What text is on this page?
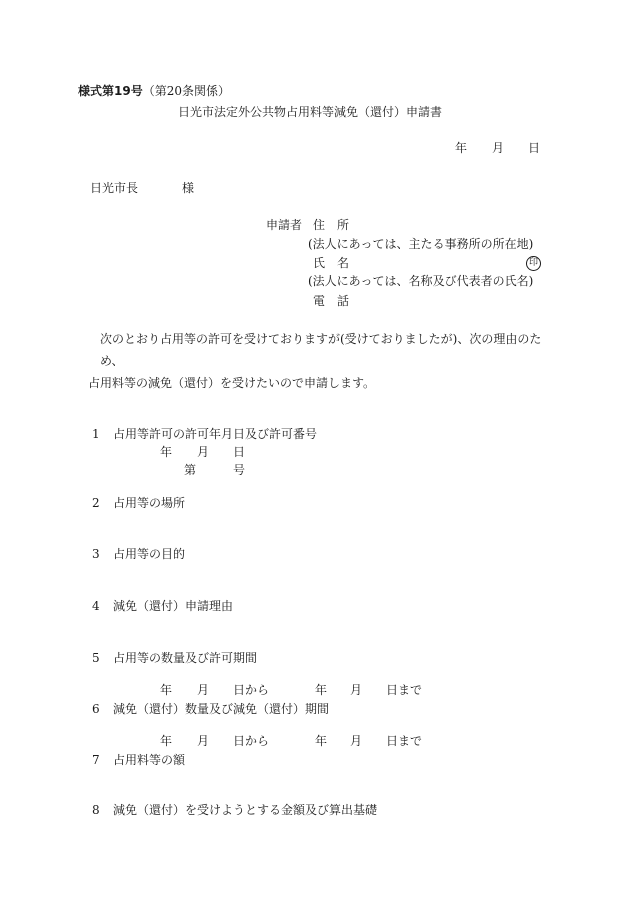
様式第19号（第20条関係）
日光市法定外公共物占用料等減免（還付）申請書
年 月 日
日光市長	様
申請者 住　所
(法人にあっては、主たる事務所の所在地)
氏　名	印
(法人にあっては、名称及び代表者の氏名)
電　話
次のとおり占用等の許可を受けておりますが(受けておりましたが)、次の理由のため、
占用料等の減免（還付）を受けたいので申請します。
1 占用等許可の許可年月日及び許可番号
年 月 日
第	号
2 占用等の場所
3 占用等の目的
4 減免（還付）申請理由
5 占用等の数量及び許可期間
年 月 日から	年 月 日まで
6 減免（還付）数量及び減免（還付）期間
年 月 日から	年 月 日まで
7 占用料等の額
8 減免（還付）を受けようとする金額及び算出基礎
